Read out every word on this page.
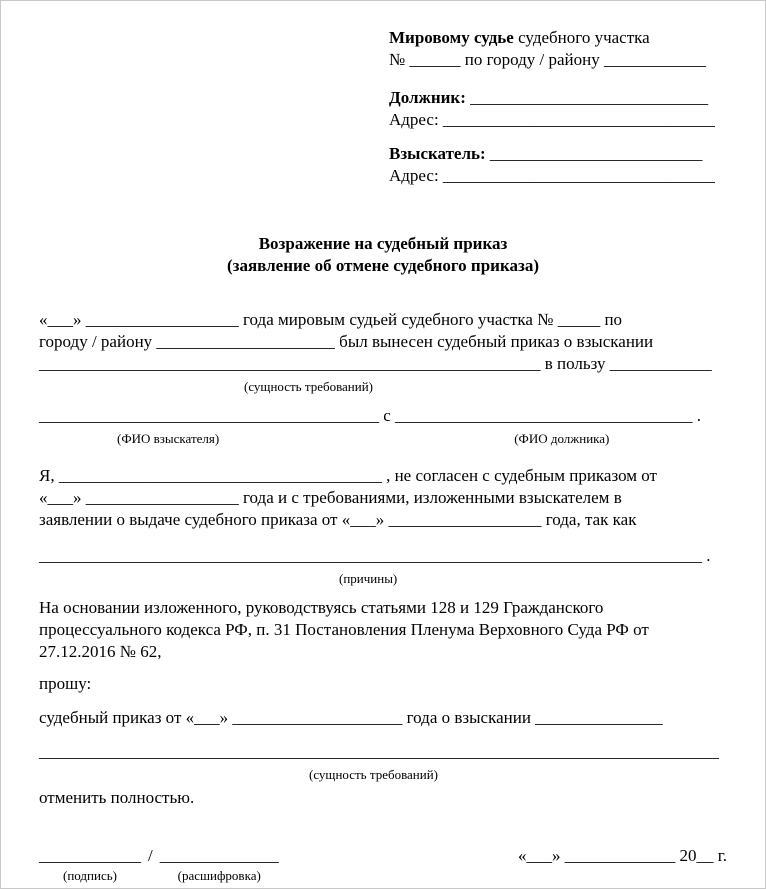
Мировому судье судебного участка
№ ______ по городу / району ____________
Должник: ____________________________
Адрес: ________________________________
Взыскатель: _________________________
Адрес: ________________________________
Возражение на судебный приказ
(заявление об отмене судебного приказа)
«___» __________________ года мировым судьей судебного участка № _____ по
городу / району _____________________ был вынесен судебный приказ о взыскании
___________________________________________________________ в пользу ____________
(сущность требований)
________________________________________ с ___________________________________ .
(ФИО взыскателя)	(ФИО должника)
Я, ______________________________________ , не согласен с судебным приказом от
«___» __________________ года и с требованиями, изложенными взыскателем в
заявлении о выдаче судебного приказа от «___» __________________ года, так как
______________________________________________________________________________ .
(причины)
На основании изложенного, руководствуясь статьями 128 и 129 Гражданского
процессуального кодекса РФ, п. 31 Постановления Пленума Верховного Суда РФ от
27.12.2016 № 62,
прошу:
судебный приказ от «___» ____________________ года о взыскании _______________
________________________________________________________________________________
(сущность требований)
отменить полностью.
____________
(подпись)
/ ______________
(расшифровка)
«___» _____________ 20__ г.
